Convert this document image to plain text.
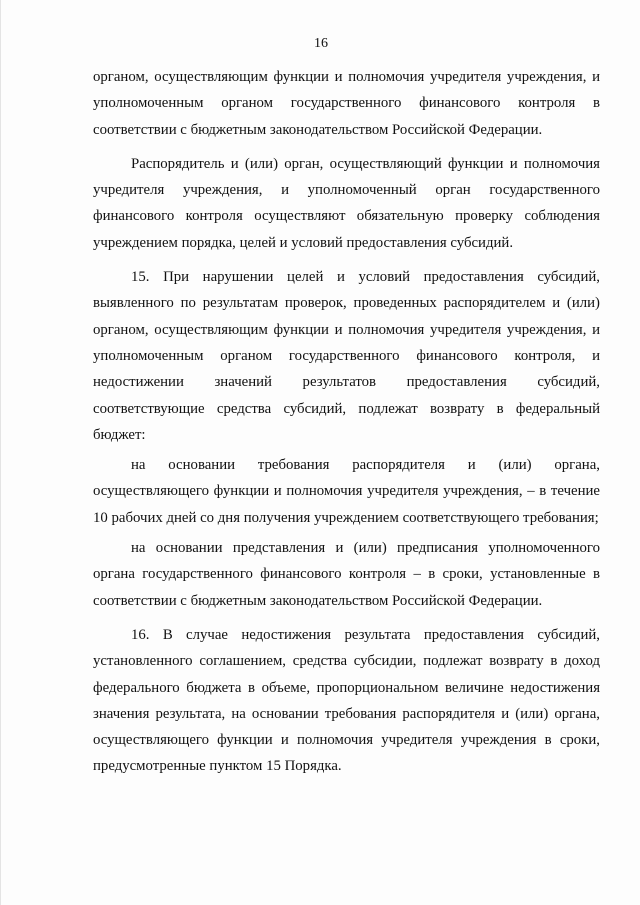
16

органом, осуществляющим функции и полномочия учредителя учреждения, и уполномоченным органом государственного финансового контроля в соответствии с бюджетным законодательством Российской Федерации.

Распорядитель и (или) орган, осуществляющий функции и полномочия учредителя учреждения, и уполномоченный орган государственного финансового контроля осуществляют обязательную проверку соблюдения учреждением порядка, целей и условий предоставления субсидий.

15. При нарушении целей и условий предоставления субсидий, выявленного по результатам проверок, проведенных распорядителем и (или) органом, осуществляющим функции и полномочия учредителя учреждения, и уполномоченным органом государственного финансового контроля, и недостижении значений результатов предоставления субсидий, соответствующие средства субсидий, подлежат возврату в федеральный бюджет:

на основании требования распорядителя и (или) органа, осуществляющего функции и полномочия учредителя учреждения, – в течение 10 рабочих дней со дня получения учреждением соответствующего требования;

на основании представления и (или) предписания уполномоченного органа государственного финансового контроля – в сроки, установленные в соответствии с бюджетным законодательством Российской Федерации.

16. В случае недостижения результата предоставления субсидий, установленного соглашением, средства субсидии, подлежат возврату в доход федерального бюджета в объеме, пропорциональном величине недостижения значения результата, на основании требования распорядителя и (или) органа, осуществляющего функции и полномочия учредителя учреждения в сроки, предусмотренные пунктом 15 Порядка.
